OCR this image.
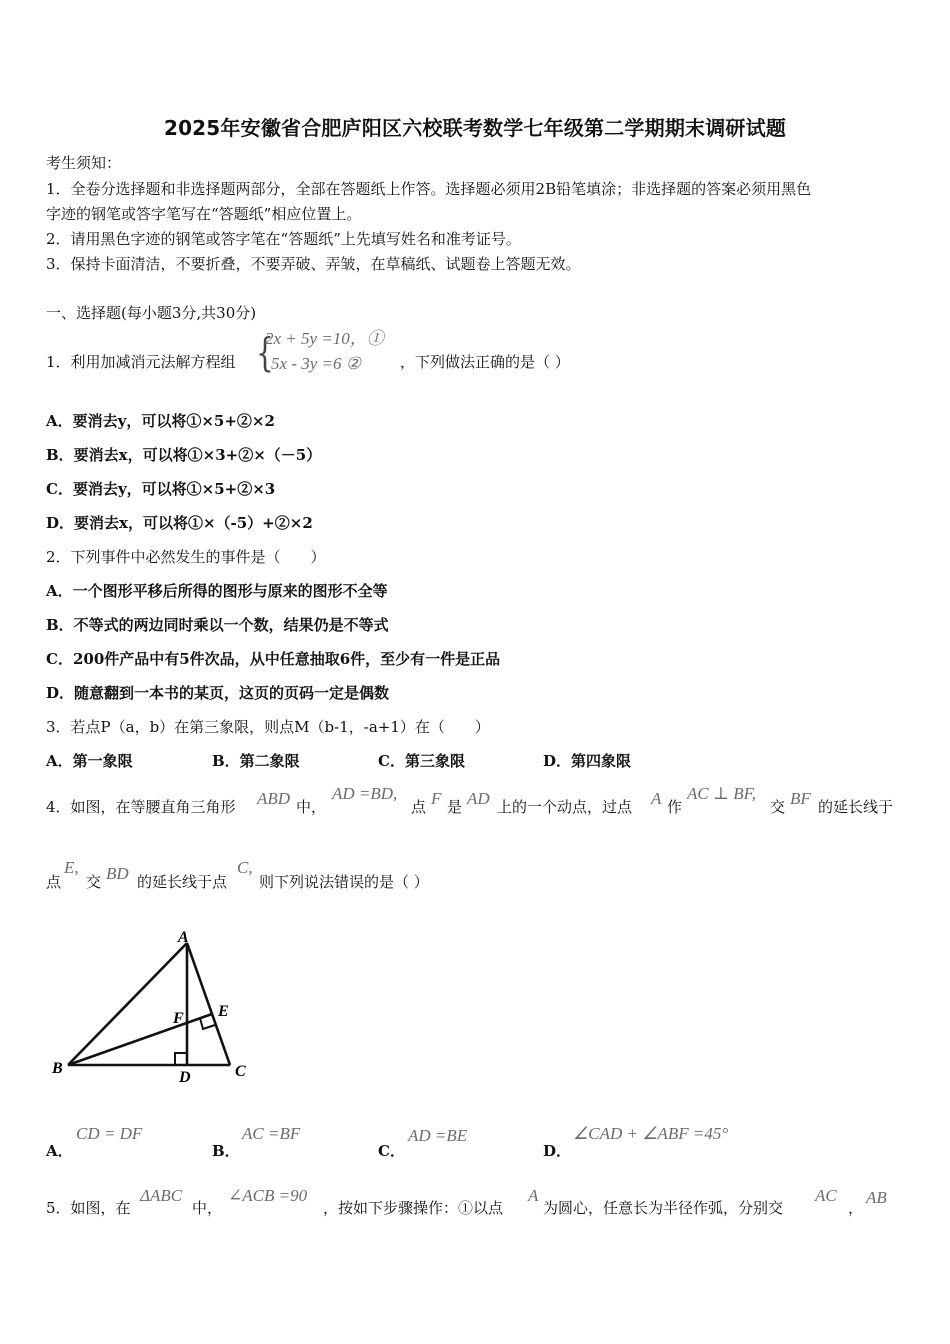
2025年安徽省合肥庐阳区六校联考数学七年级第二学期期末调研试题
考生须知：
1．全卷分选择题和非选择题两部分，全部在答题纸上作答。选择题必须用2B铅笔填涂；非选择题的答案必须用黑色
字迹的钢笔或答字笔写在“答题纸”相应位置上。
2．请用黑色字迹的钢笔或答字笔在“答题纸”上先填写姓名和准考证号。
3．保持卡面清洁，不要折叠，不要弄破、弄皱，在草稿纸、试题卷上答题无效。
一、选择题(每小题3分,共30分)
1．利用加减消元法解方程组 {
2x + 5y =10，①
5x - 3y =6 ②	，下列做法正确的是（ ）
A．要消去y，可以将①×5+②×2
B．要消去x，可以将①×3+②×（－5）
C．要消去y，可以将①×5+②×3
D．要消去x，可以将①×（-5）+②×2
2．下列事件中必然发生的事件是（　　）
A．一个图形平移后所得的图形与原来的图形不全等
B．不等式的两边同时乘以一个数，结果仍是不等式
C．200件产品中有5件次品，从中任意抽取6件，至少有一件是正品
D．随意翻到一本书的某页，这页的页码一定是偶数
3．若点P（a，b）在第三象限，则点M（b-1，-a+1）在（　　）
A．第一象限	B．第二象限	C．第三象限	D．第四象限
4．如图，在等腰直角三角形 ABD 中，
AD =BD,
点 F 是 AD 上的一个动点，过点 A 作
AC ⊥ BF,
交 BF 的延长线于
点
E,
交 BD 的延长线于点
C,
则下列说法错误的是（ ）
A
B	C
D
E
F
A．
CD = DF
B．
AC =BF
C．
AD =BE
D．
∠CAD + ∠ABF =45°
5．如图，在
ΔABC
中，
∠ACB =90
，按如下步骤操作：①以点
A
为圆心，任意长为半径作弧，分别交
AC
，
AB
